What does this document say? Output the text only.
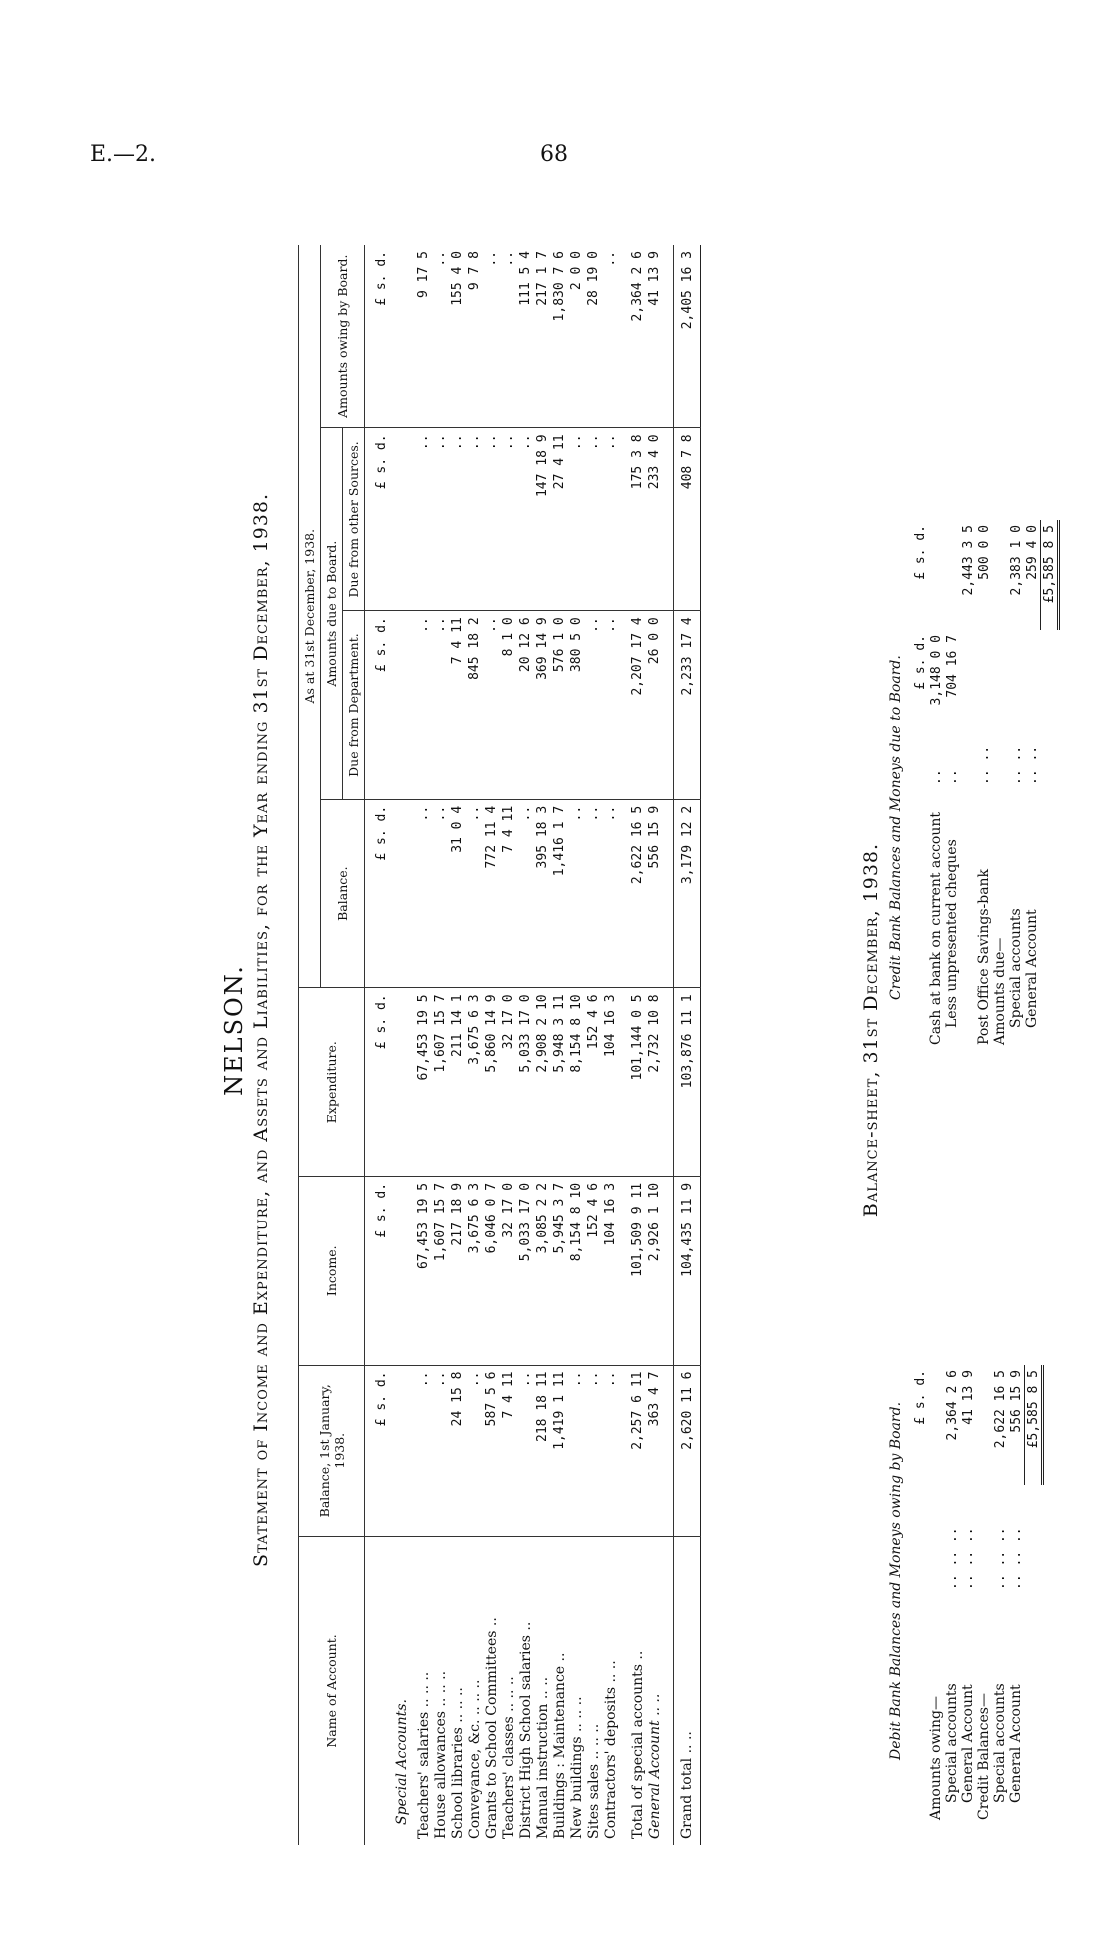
E.—2.	68
NELSON. Statement of Income and Expenditure, and Assets and Liabilities, for the Year ending 31st December, 1938.
Name of Account.	Balance, 1st January, 1938.	Income.	Expenditure.	As at 31st December, 1938.			
				Balance.	Amounts due to Board.		Amounts owing by Board.
					Due from Department.	Due from other Sources.	
	£ s. d.	£ s. d.	£ s. d.	£ s. d.	£ s. d.	£ s. d.	£ s. d.
Special Accounts.							
Teachers' salaries .. .. ..	..	67,453 19 5	67,453 19 5	..	..	..	9 17 5
House allowances .. .. ..	..	1,607 15 7	1,607 15 7	..	..	..	..
School libraries .. .. ..	24 15 8	217 18 9	211 14 1	31 0 4	7 4 11	..	155 4 0
Conveyance, &c. .. .. ..	..	3,675 6 3	3,675 6 3	..	845 18 2	..	9 7 8
Grants to School Committees ..	587 5 6	6,046 0 7	5,860 14 9	772 11 4	..	..	..
Teachers' classes .. .. ..	7 4 11	32 17 0	32 17 0	7 4 11	8 1 0	..	..
District High School salaries ..	..	5,033 17 0	5,033 17 0	..	20 12 6	..	111 5 4
Manual instruction .. ..	218 18 11	3,085 2 2	2,908 2 10	395 18 3	369 14 9	147 18 9	217 1 7
Buildings : Maintenance ..	1,419 1 11	5,945 3 7	5,948 3 11	1,416 1 7	576 1 0	27 4 11	1,830 7 6
New buildings .. .. ..	..	8,154 8 10	8,154 8 10	..	380 5 0	..	2 0 0
Sites sales .. .. ..	..	152 4 6	152 4 6	..	..	..	28 19 0
Contractors' deposits .. ..	..	104 16 3	104 16 3	..	..	..	..

Total of special accounts ..	2,257 6 11	101,509 9 11	101,144 0 5	2,622 16 5	2,207 17 4	175 3 8	2,364 2 6
General Account .. ..	363 4 7	2,926 1 10	2,732 10 8	556 15 9	26 0 0	233 4 0	41 13 9

Grand total .. ..	2,620 11 6	104,435 11 9	103,876 11 1	3,179 12 2	2,233 17 4	408 7 8	2,405 16 3
Balance-sheet, 31st December, 1938.
Debit Bank Balances and Moneys owing by Board.
Credit Bank Balances and Moneys due to Board.
		£ s. d.
Amounts owing—		
Special accounts	.. .. ..	2,364 2 6
General Account	.. .. ..	41 13 9
Credit Balances—		
Special accounts	.. .. ..	2,622 16 5
General Account	.. .. ..	556 15 9
		£5,585 8 5
		£ s. d.	£ s. d.
Cash at bank on current account	..	3,148 0 0	
Less unpresented cheques	..	704 16 7	
			2,443 3 5
Post Office Savings-bank	.. ..		500 0 0
Amounts due—			
Special accounts	.. ..		2,383 1 0
General Account	.. ..		259 4 0
			£5,585 8 5
